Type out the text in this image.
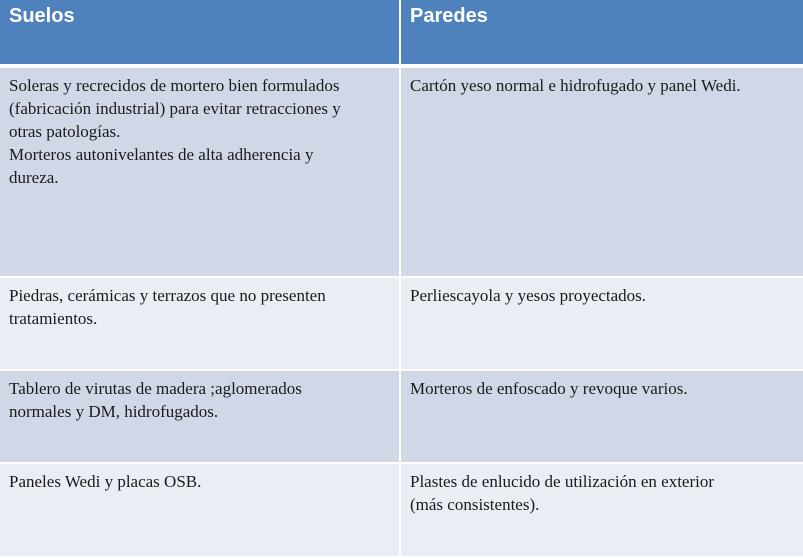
Suelos	Paredes
Soleras y recrecidos de mortero bien formulados
(fabricación industrial) para evitar retracciones y
otras patologías.
Morteros autonivelantes de alta adherencia y
dureza.
Cartón yeso normal e hidrofugado y panel Wedi.
Piedras, cerámicas y terrazos que no presenten
tratamientos.
Perliescayola y yesos proyectados.
Tablero de virutas de madera ;aglomerados
normales y DM, hidrofugados.
Morteros de enfoscado y revoque varios.
Paneles Wedi y placas OSB.	Plastes de enlucido de utilización en exterior
(más consistentes).
